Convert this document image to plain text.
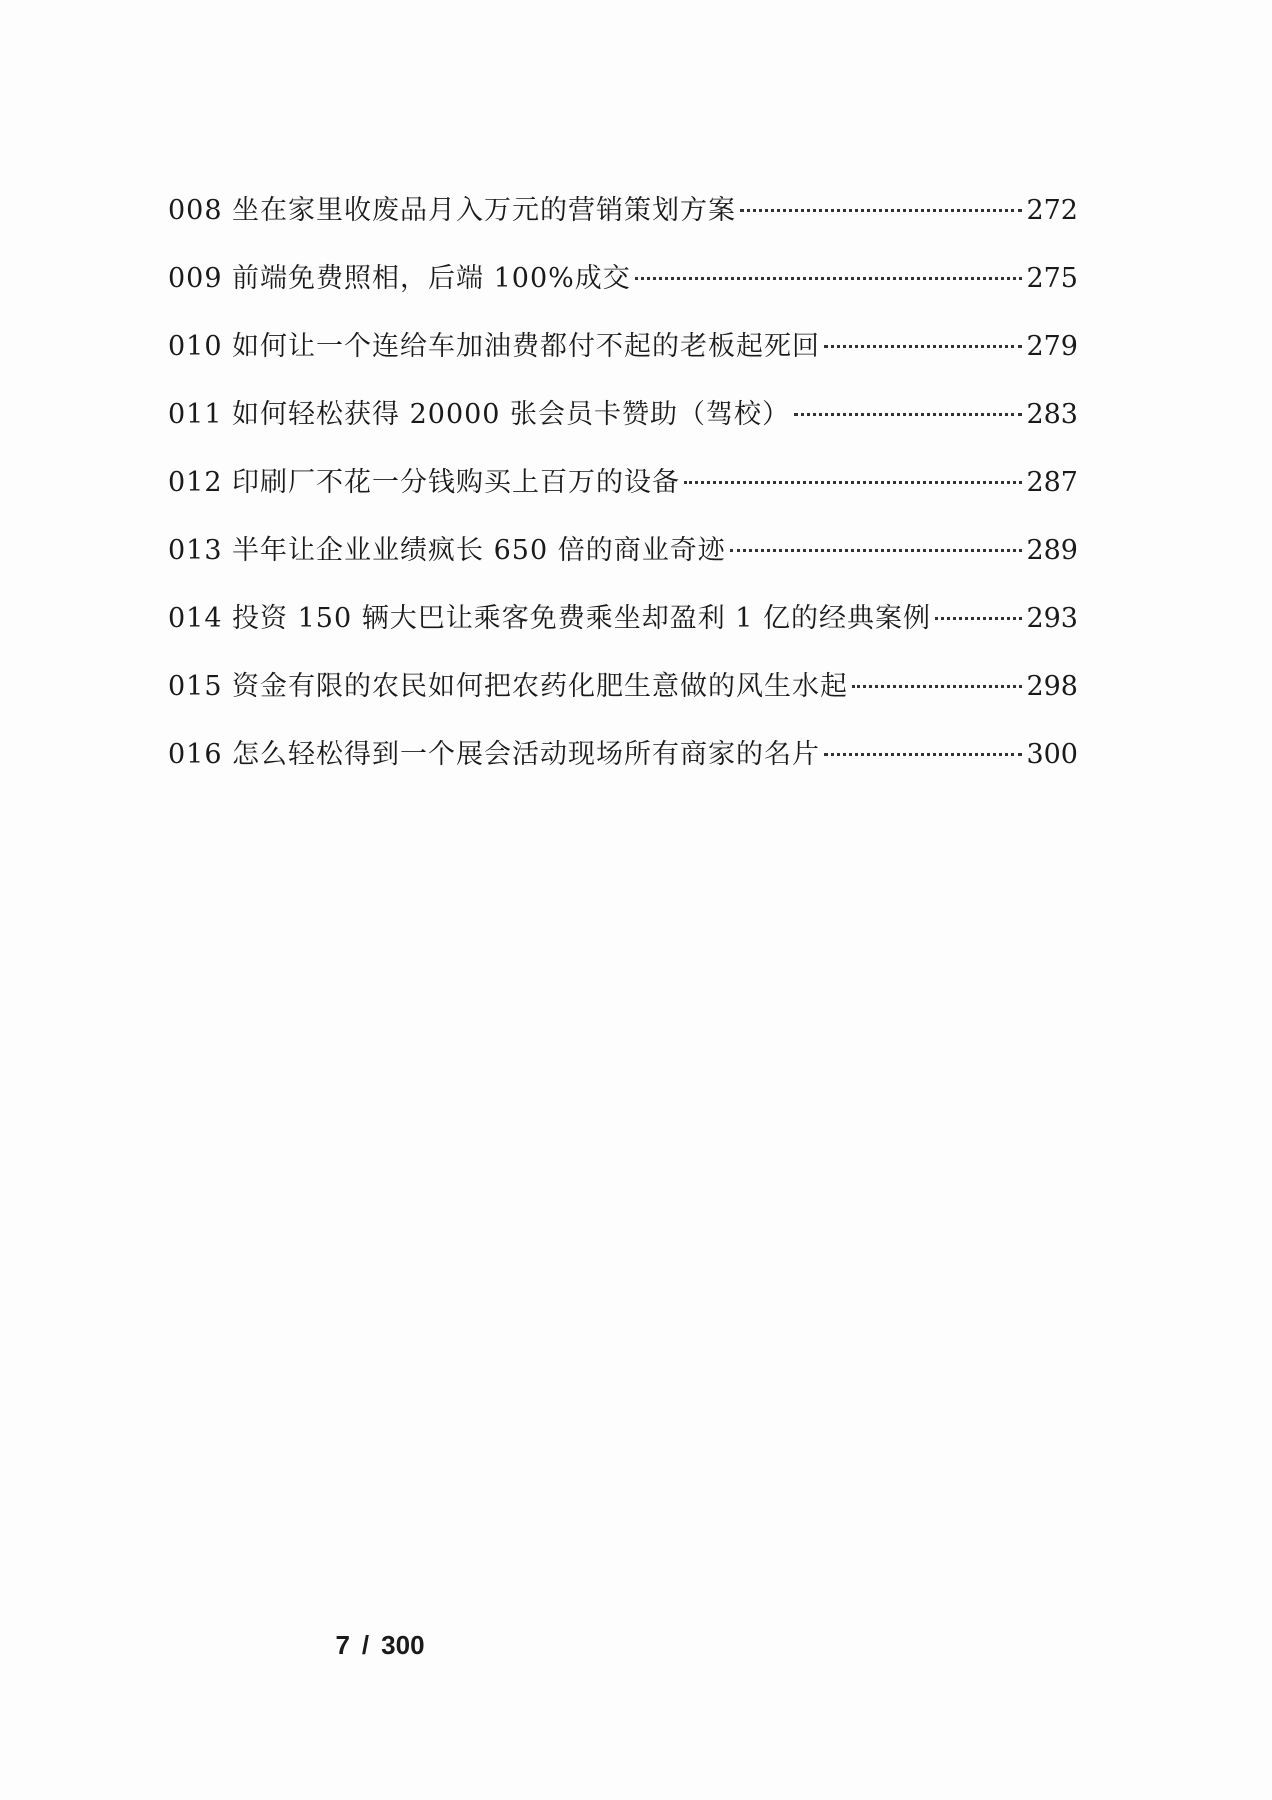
008 坐在家里收废品月入万元的营销策划方案	272
009 前端免费照相，后端 100%成交	275
010 如何让一个连给车加油费都付不起的老板起死回	279
011 如何轻松获得 20000 张会员卡赞助（驾校）	283
012 印刷厂不花一分钱购买上百万的设备	287
013 半年让企业业绩疯长 650 倍的商业奇迹	289
014 投资 150 辆大巴让乘客免费乘坐却盈利 1 亿的经典案例	293
015 资金有限的农民如何把农药化肥生意做的风生水起	298
016 怎么轻松得到一个展会活动现场所有商家的名片	300
7 / 300
